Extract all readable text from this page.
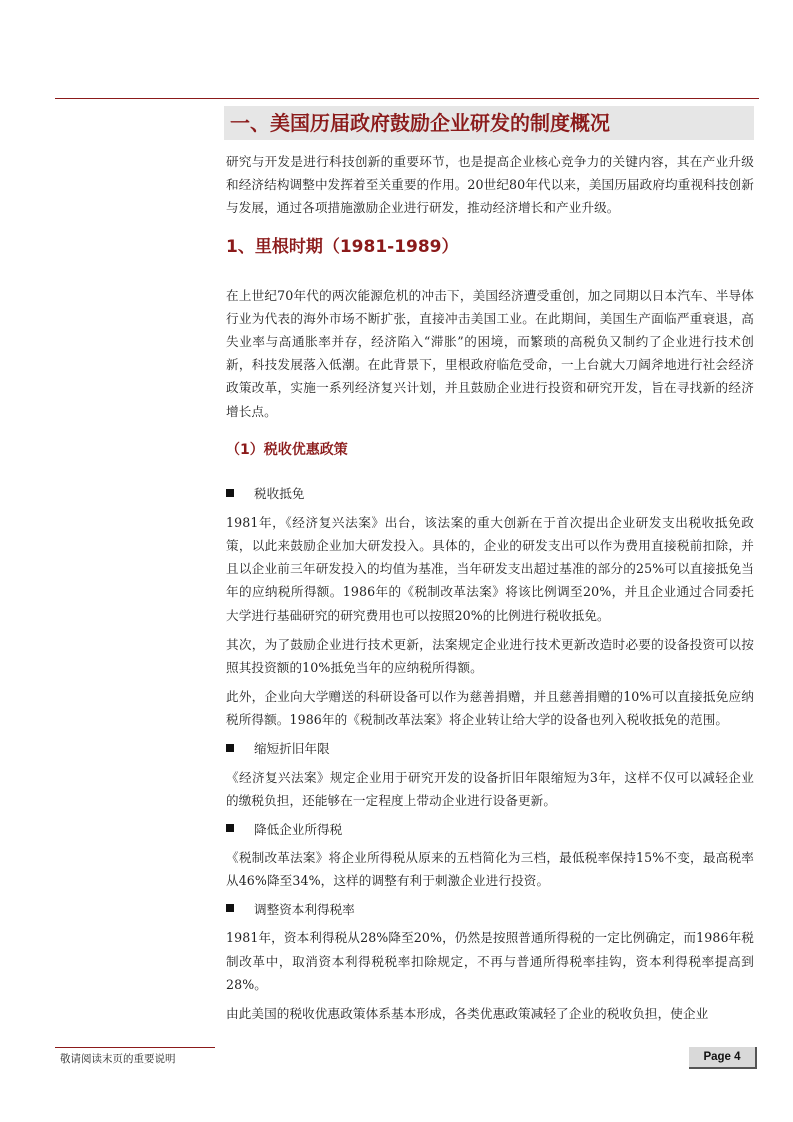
一、美国历届政府鼓励企业研发的制度概况

研究与开发是进行科技创新的重要环节，也是提高企业核心竞争力的关键内容，其在产业升级和经济结构调整中发挥着至关重要的作用。20世纪80年代以来，美国历届政府均重视科技创新与发展，通过各项措施激励企业进行研发，推动经济增长和产业升级。

1、里根时期（1981-1989）

在上世纪70年代的两次能源危机的冲击下，美国经济遭受重创，加之同期以日本汽车、半导体行业为代表的海外市场不断扩张，直接冲击美国工业。在此期间，美国生产面临严重衰退，高失业率与高通胀率并存，经济陷入“滞胀”的困境，而繁琐的高税负又制约了企业进行技术创新，科技发展落入低潮。在此背景下，里根政府临危受命，一上台就大刀阔斧地进行社会经济政策改革，实施一系列经济复兴计划，并且鼓励企业进行投资和研究开发，旨在寻找新的经济增长点。

（1）税收优惠政策
税收抵免

1981年，《经济复兴法案》出台，该法案的重大创新在于首次提出企业研发支出税收抵免政策，以此来鼓励企业加大研发投入。具体的，企业的研发支出可以作为费用直接税前扣除，并且以企业前三年研发投入的均值为基准，当年研发支出超过基准的部分的25%可以直接抵免当年的应纳税所得额。1986年的《税制改革法案》将该比例调至20%，并且企业通过合同委托大学进行基础研究的研究费用也可以按照20%的比例进行税收抵免。

其次，为了鼓励企业进行技术更新，法案规定企业进行技术更新改造时必要的设备投资可以按照其投资额的10%抵免当年的应纳税所得额。

此外，企业向大学赠送的科研设备可以作为慈善捐赠，并且慈善捐赠的10%可以直接抵免应纳税所得额。1986年的《税制改革法案》将企业转让给大学的设备也列入税收抵免的范围。

缩短折旧年限

《经济复兴法案》规定企业用于研究开发的设备折旧年限缩短为3年，这样不仅可以减轻企业的缴税负担，还能够在一定程度上带动企业进行设备更新。

降低企业所得税

《税制改革法案》将企业所得税从原来的五档简化为三档，最低税率保持15%不变，最高税率从46%降至34%，这样的调整有利于刺激企业进行投资。

调整资本利得税率

1981年，资本利得税从28%降至20%，仍然是按照普通所得税的一定比例确定，而1986年税制改革中，取消资本利得税税率扣除规定，不再与普通所得税率挂钩，资本利得税率提高到28%。

由此美国的税收优惠政策体系基本形成，各类优惠政策减轻了企业的税收负担，使企业

敬请阅读末页的重要说明	Page 4
